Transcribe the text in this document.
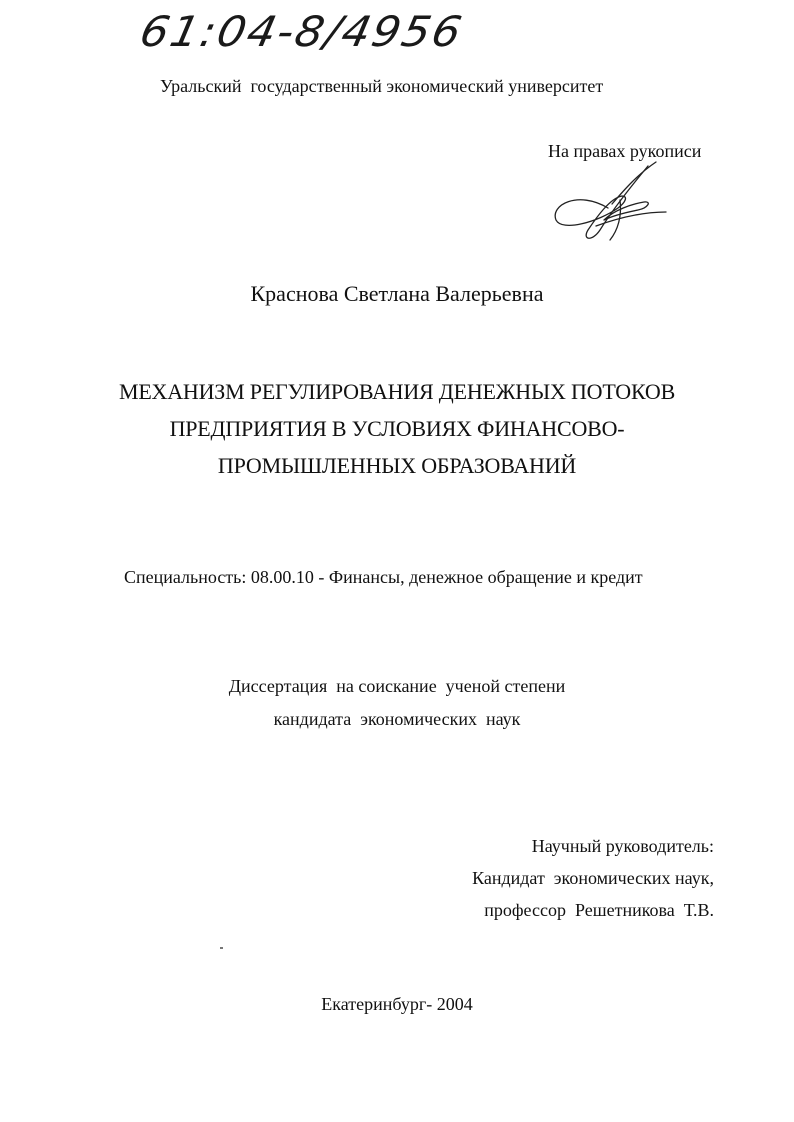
61:04-8/4956
Уральский  государственный экономический университет
На правах рукописи
Краснова Светлана Валерьевна
МЕХАНИЗМ РЕГУЛИРОВАНИЯ ДЕНЕЖНЫХ ПОТОКОВ
ПРЕДПРИЯТИЯ В УСЛОВИЯХ ФИНАНСОВО-
ПРОМЫШЛЕННЫХ ОБРАЗОВАНИЙ
Специальность: 08.00.10 - Финансы, денежное обращение и кредит
Диссертация  на соискание  ученой степени
кандидата  экономических  наук
Научный руководитель:
Кандидат  экономических наук,
профессор  Решетникова  Т.В.
Екатеринбург- 2004
